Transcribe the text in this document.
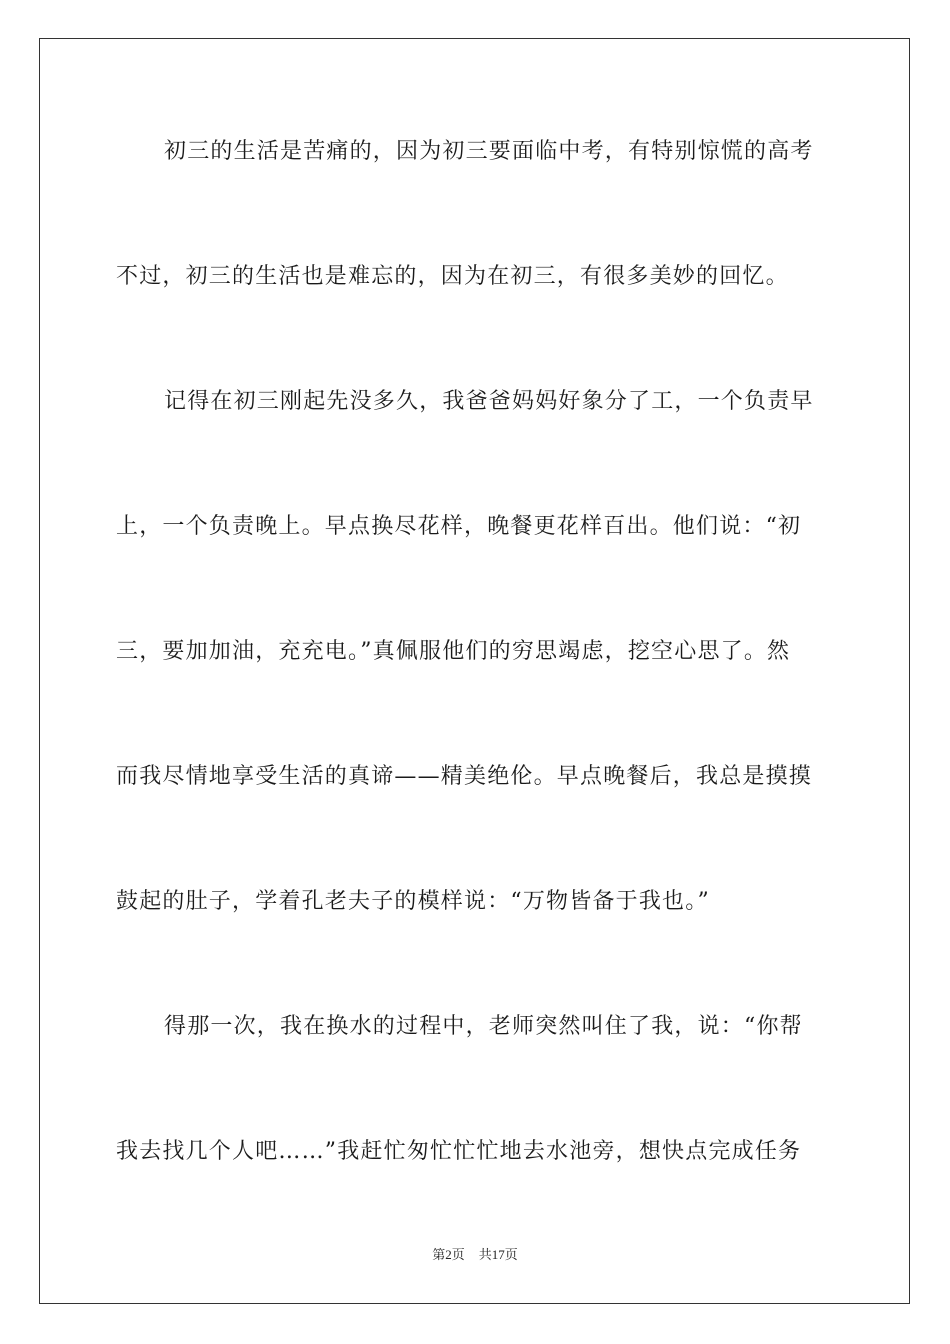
初三的生活是苦痛的，因为初三要面临中考，有特别惊慌的高考
不过，初三的生活也是难忘的，因为在初三，有很多美妙的回忆。
记得在初三刚起先没多久，我爸爸妈妈好象分了工，一个负责早
上，一个负责晚上。早点换尽花样，晚餐更花样百出。他们说：“初
三，要加加油，充充电。”真佩服他们的穷思竭虑，挖空心思了。然
而我尽情地享受生活的真谛——精美绝伦。早点晚餐后，我总是摸摸
鼓起的肚子，学着孔老夫子的模样说：“万物皆备于我也。”
得那一次，我在换水的过程中，老师突然叫住了我，说：“你帮
我去找几个人吧……”我赶忙匆忙忙忙地去水池旁，想快点完成任务
第2页 共17页
